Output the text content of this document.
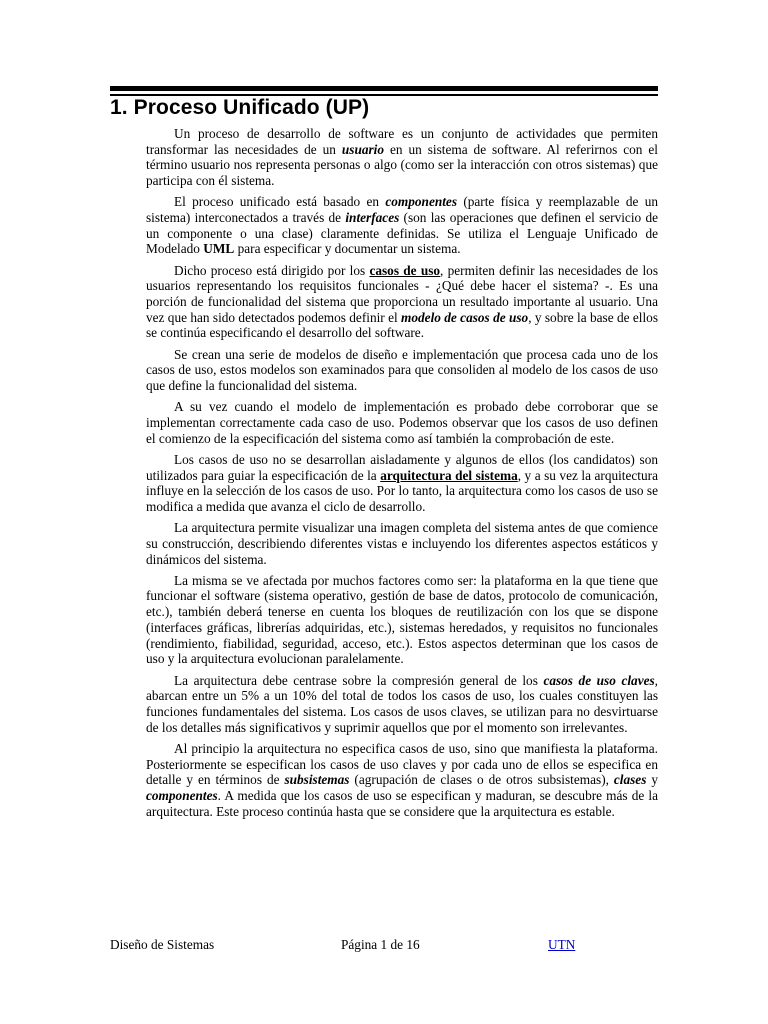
1. Proceso Unificado (UP)

Un proceso de desarrollo de software es un conjunto de actividades que permiten transformar las necesidades de un usuario en un sistema de software. Al referirnos con el término usuario nos representa personas o algo (como ser la interacción con otros sistemas) que participa con él sistema.

El proceso unificado está basado en componentes (parte física y reemplazable de un sistema) interconectados a través de interfaces (son las operaciones que definen el servicio de un componente o una clase) claramente definidas. Se utiliza el Lenguaje Unificado de Modelado UML para especificar y documentar un sistema.

Dicho proceso está dirigido por los casos de uso, permiten definir las necesidades de los usuarios representando los requisitos funcionales - ¿Qué debe hacer el sistema? -. Es una porción de funcionalidad del sistema que proporciona un resultado importante al usuario. Una vez que han sido detectados podemos definir el modelo de casos de uso, y sobre la base de ellos se continúa especificando el desarrollo del software.

Se crean una serie de modelos de diseño e implementación que procesa cada uno de los casos de uso, estos modelos son examinados para que consoliden al modelo de los casos de uso que define la funcionalidad del sistema.

A su vez cuando el modelo de implementación es probado debe corroborar que se implementan correctamente cada caso de uso. Podemos observar que los casos de uso definen el comienzo de la especificación del sistema como así también la comprobación de este.

Los casos de uso no se desarrollan aisladamente y algunos de ellos (los candidatos) son utilizados para guiar la especificación de la arquitectura del sistema, y a su vez la arquitectura influye en la selección de los casos de uso. Por lo tanto, la arquitectura como los casos de uso se modifica a medida que avanza el ciclo de desarrollo.

La arquitectura permite visualizar una imagen completa del sistema antes de que comience su construcción, describiendo diferentes vistas e incluyendo los diferentes aspectos estáticos y dinámicos del sistema.

La misma se ve afectada por muchos factores como ser: la plataforma en la que tiene que funcionar el software (sistema operativo, gestión de base de datos, protocolo de comunicación, etc.), también deberá tenerse en cuenta los bloques de reutilización con los que se dispone (interfaces gráficas, librerías adquiridas, etc.), sistemas heredados, y requisitos no funcionales (rendimiento, fiabilidad, seguridad, acceso, etc.). Estos aspectos determinan que los casos de uso y la arquitectura evolucionan paralelamente.

La arquitectura debe centrase sobre la compresión general de los casos de uso claves, abarcan entre un 5% a un 10% del total de todos los casos de uso, los cuales constituyen las funciones fundamentales del sistema. Los casos de usos claves, se utilizan para no desvirtuarse de los detalles más significativos y suprimir aquellos que por el momento son irrelevantes.

Al principio la arquitectura no especifica casos de uso, sino que manifiesta la plataforma. Posteriormente se especifican los casos de uso claves y por cada uno de ellos se especifica en detalle y en términos de subsistemas (agrupación de clases o de otros subsistemas), clases y componentes. A medida que los casos de uso se especifican y maduran, se descubre más de la arquitectura. Este proceso continúa hasta que se considere que la arquitectura es estable.

Diseño de Sistemas	Página 1 de 16	UTN
